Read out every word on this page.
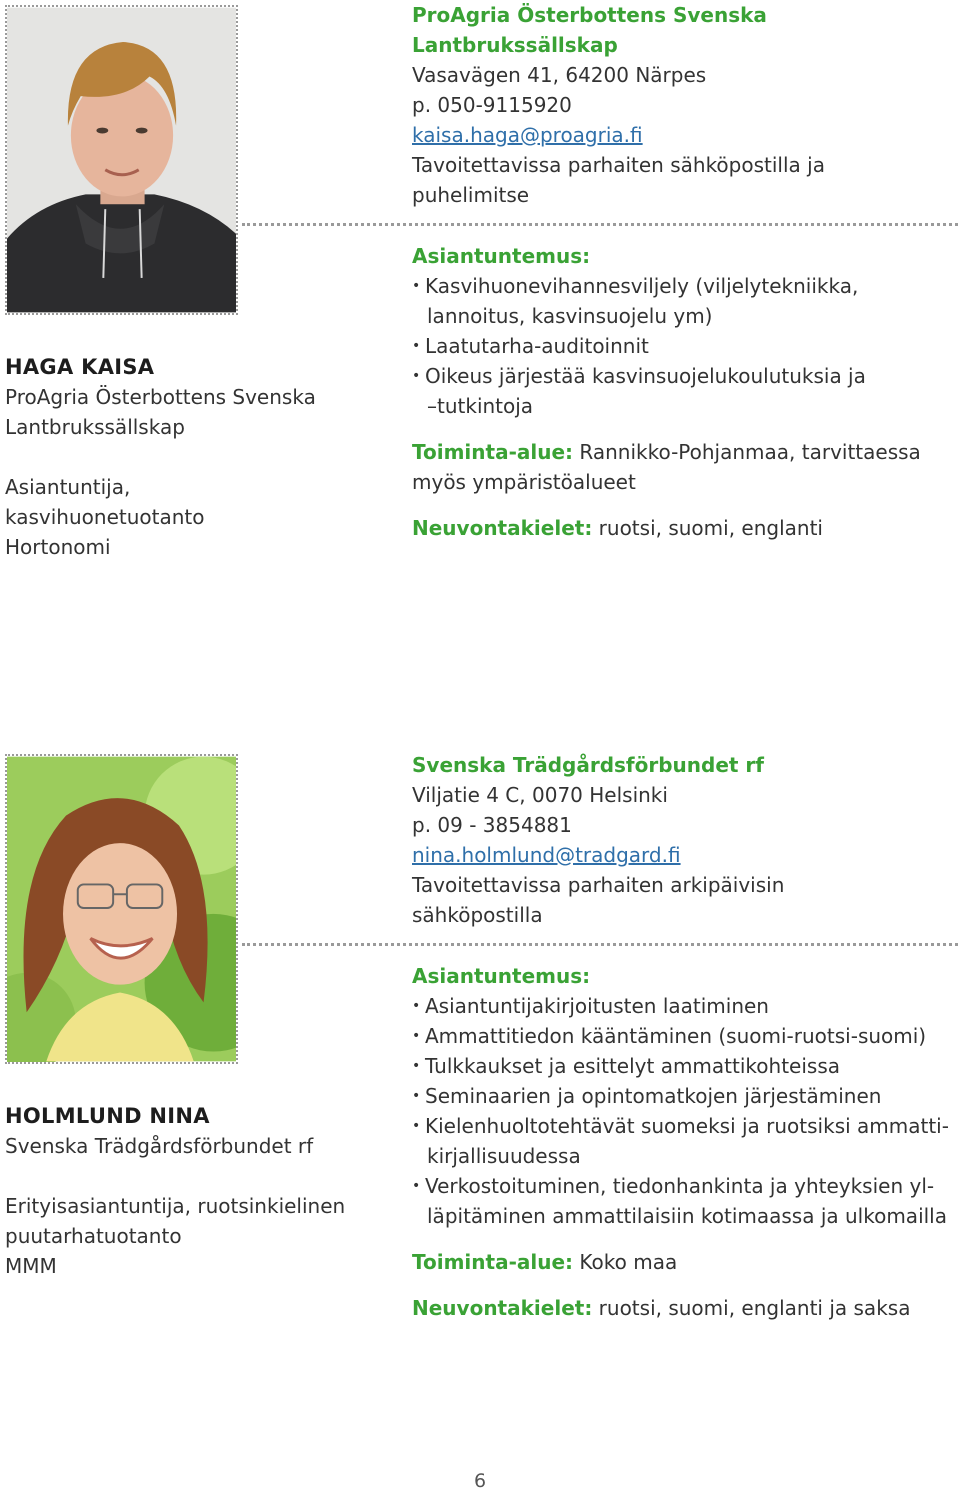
HAGA KAISA
ProAgria Österbottens Svenska
Lantbrukssällskap
Asiantuntija,
kasvihuonetuotanto
Hortonomi
ProAgria Österbottens Svenska
Lantbrukssällskap
Vasavägen 41, 64200 Närpes
p. 050-9115920
kaisa.haga@proagria.fi
Tavoitettavissa parhaiten sähköpostilla ja
puhelimitse
Asiantuntemus:
• Kasvihuonevihannesviljely (viljelytekniikka,
lannoitus, kasvinsuojelu ym)
• Laatutarha-auditoinnit
• Oikeus järjestää kasvinsuojelukoulutuksia ja
–tutkintoja
Toiminta-alue: Rannikko-Pohjanmaa, tarvittaessa
myös ympäristöalueet
Neuvontakielet: ruotsi, suomi, englanti
HOLMLUND NINA
Svenska Trädgårdsförbundet rf
Erityisasiantuntija, ruotsinkielinen
puutarhatuotanto
MMM
Svenska Trädgårdsförbundet rf
Viljatie 4 C, 0070 Helsinki
p. 09 - 3854881
nina.holmlund@tradgard.fi
Tavoitettavissa parhaiten arkipäivisin
sähköpostilla
Asiantuntemus:
• Asiantuntijakirjoitusten laatiminen
• Ammattitiedon kääntäminen (suomi-ruotsi-suomi)
• Tulkkaukset ja esittelyt ammattikohteissa
• Seminaarien ja opintomatkojen järjestäminen
• Kielenhuoltotehtävät suomeksi ja ruotsiksi ammatti-
kirjallisuudessa
• Verkostoituminen, tiedonhankinta ja yhteyksien yl-
läpitäminen ammattilaisiin kotimaassa ja ulkomailla
Toiminta-alue: Koko maa
Neuvontakielet: ruotsi, suomi, englanti ja saksa
6
